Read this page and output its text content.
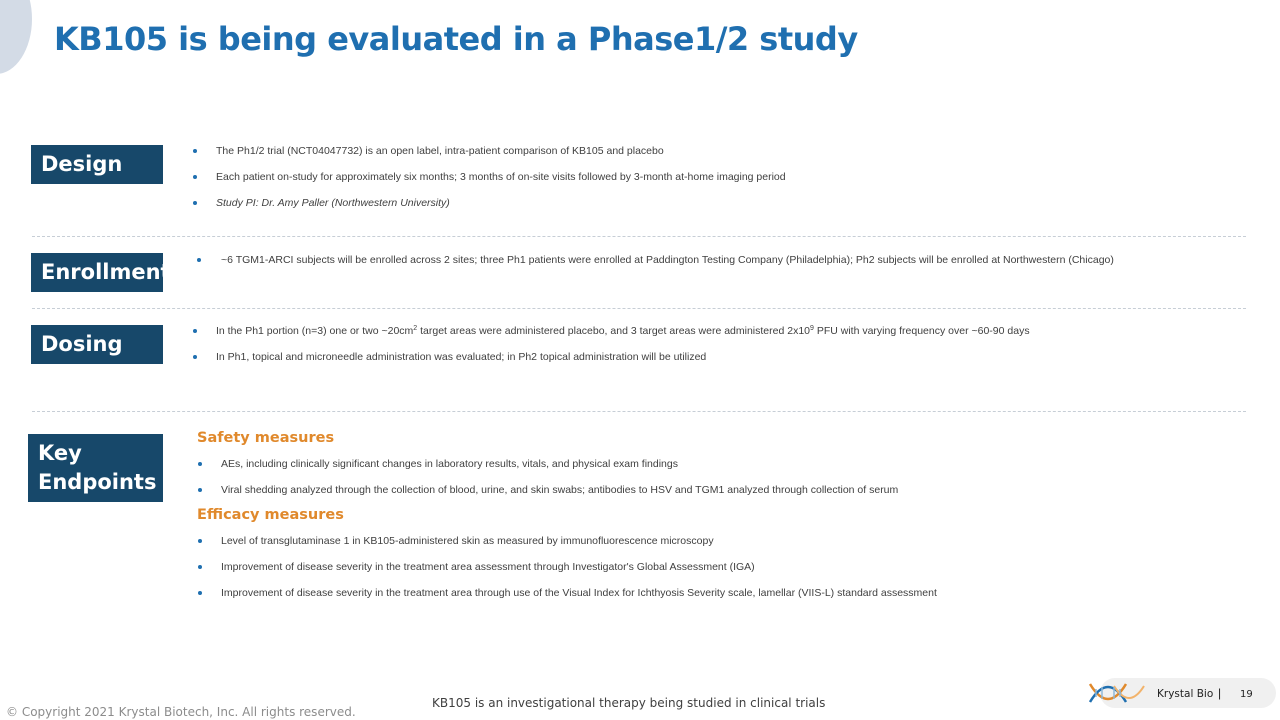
KB105 is being evaluated in a Phase1/2 study
Design
The Ph1/2 trial (NCT04047732) is an open label, intra-patient comparison of KB105 and placebo
Each patient on-study for approximately six months; 3 months of on-site visits followed by 3-month at-home imaging period
Study PI: Dr. Amy Paller (Northwestern University)
Enrollment	~6 TGM1-ARCI subjects will be enrolled across 2 sites; three Ph1 patients were enrolled at Paddington Testing Company (Philadelphia); Ph2 subjects will be enrolled at Northwestern (Chicago)
Dosing
In the Ph1 portion (n=3) one or two $\sim 20cm^2$ target areas were administered placebo, and 3 target areas were administered $2x10^9$ PFU with varying frequency over ~60-90 days
In Ph1, topical and microneedle administration was evaluated; in Ph2 topical administration will be utilized
Key
Endpoints
Safety measures
AEs, including clinically significant changes in laboratory results, vitals, and physical exam findings
Viral shedding analyzed through the collection of blood, urine, and skin swabs; antibodies to HSV and TGM1 analyzed through collection of serum
Efficacy measures
Level of transglutaminase 1 in KB105-administered skin as measured by immunofluorescence microscopy
Improvement of disease severity in the treatment area assessment through Investigator's Global Assessment (IGA)
Improvement of disease severity in the treatment area through use of the Visual Index for Ichthyosis Severity scale, lamellar (VIIS-L) standard assessment
KB105 is an investigational therapy being studied in clinical trials
© Copyright 2021 Krystal Biotech, Inc. All rights reserved.
Krystal Bio | 19
